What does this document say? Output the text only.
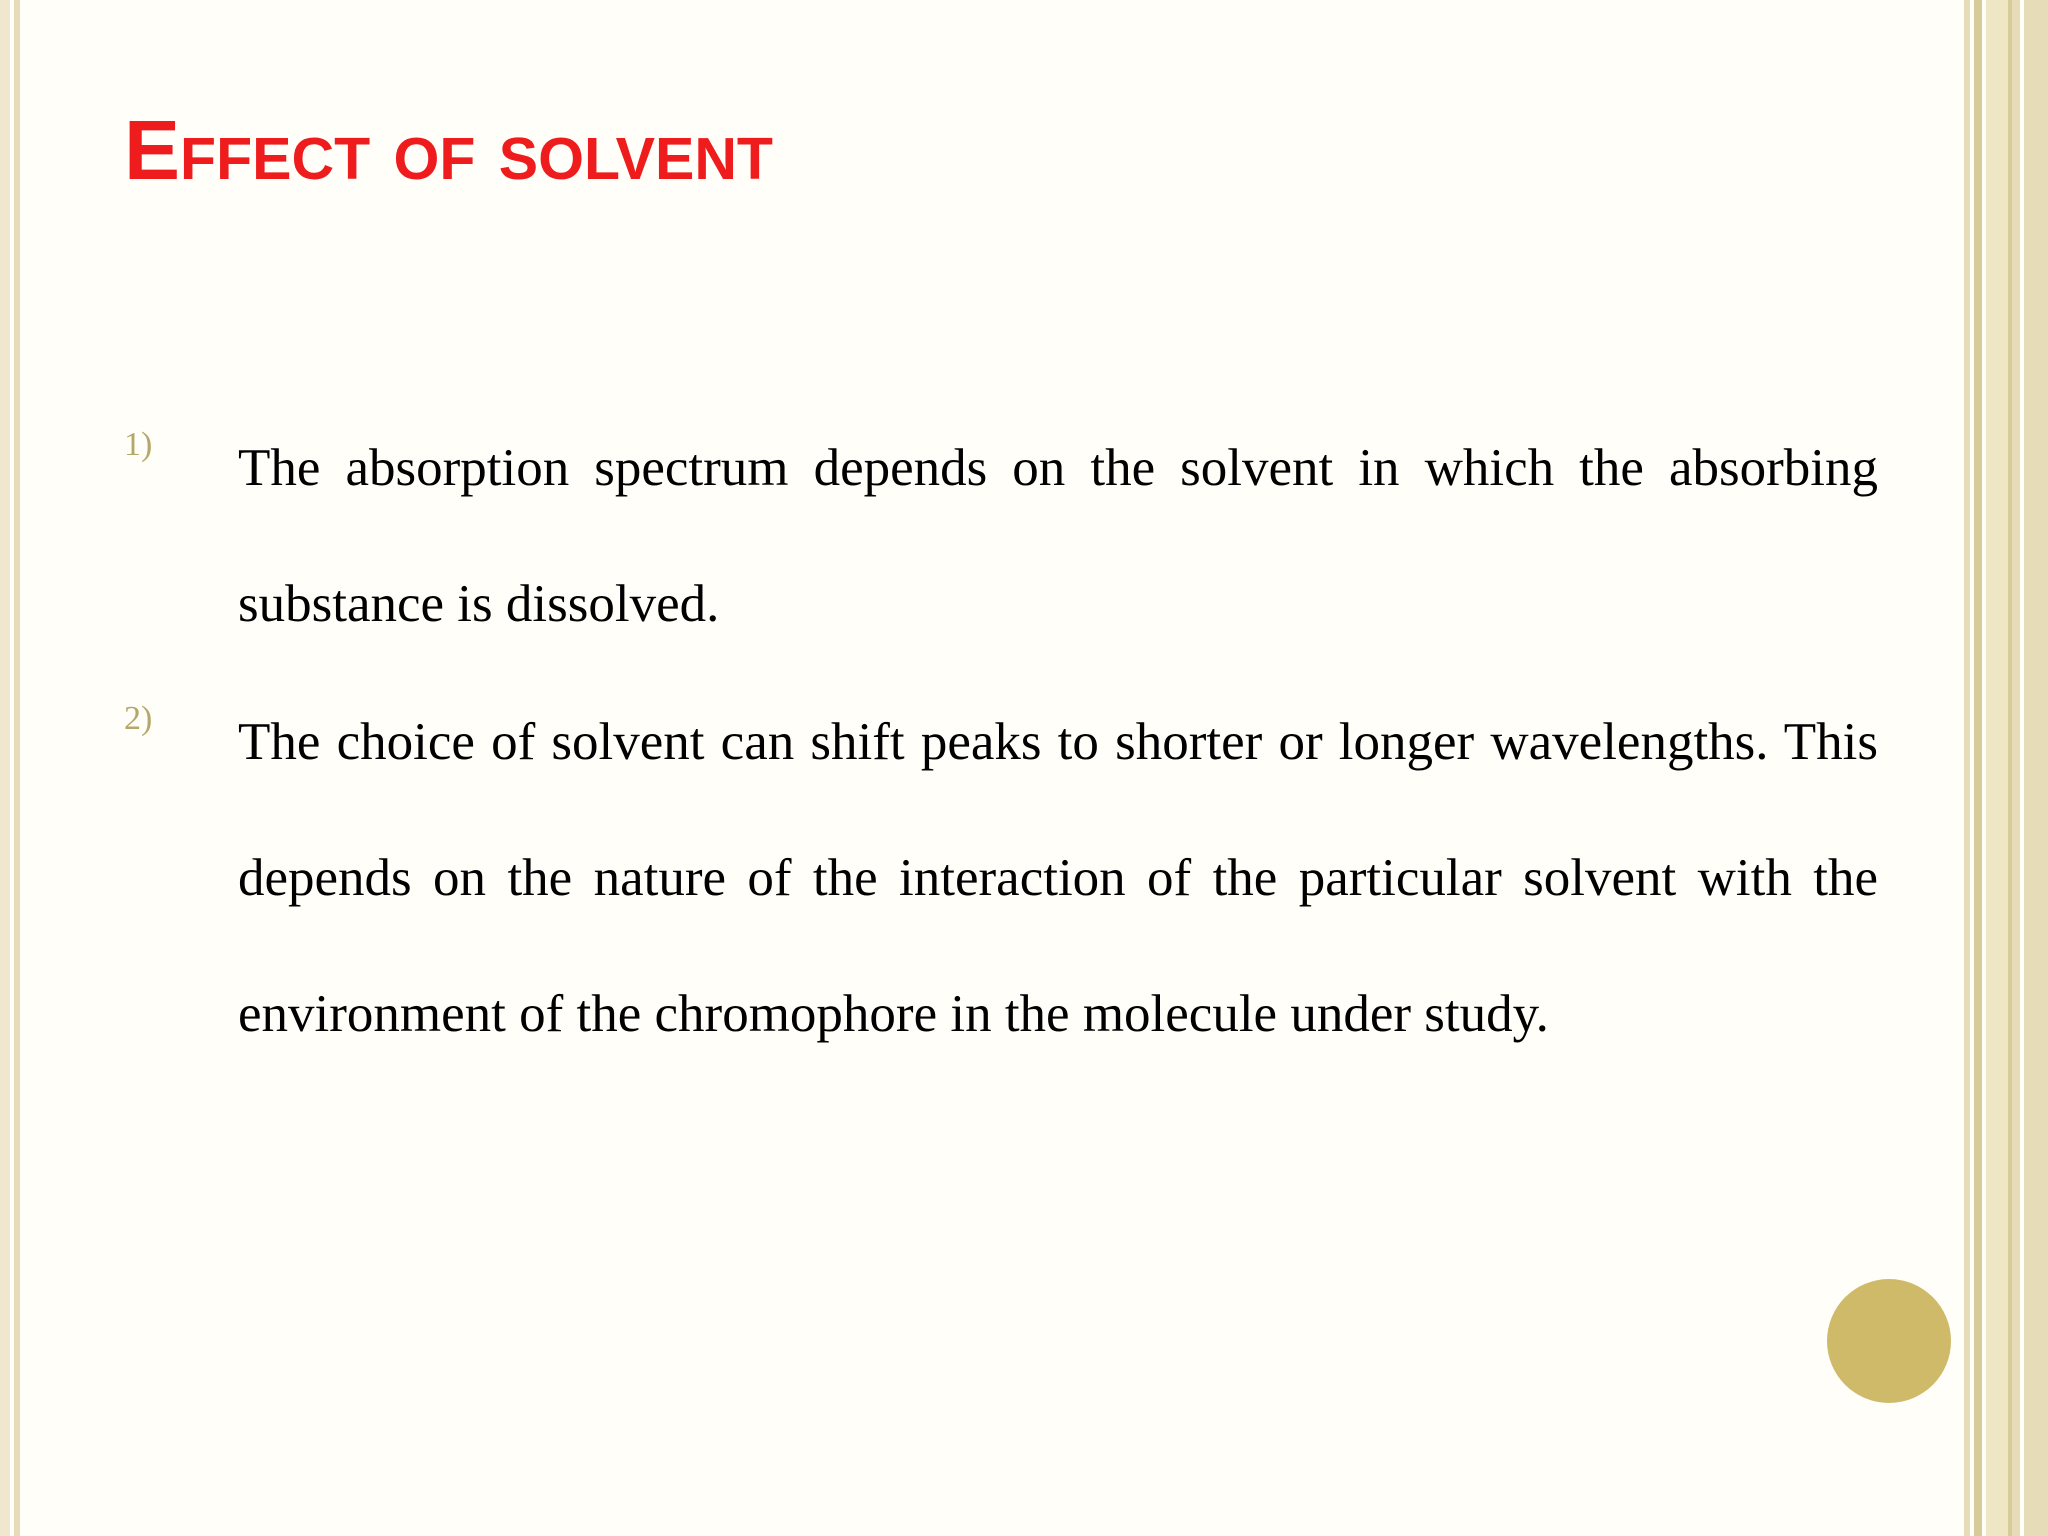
Effect of solvent
1) The absorption spectrum depends on the solvent in which the absorbing substance is dissolved.
2) The choice of solvent can shift peaks to shorter or longer wavelengths. This depends on the nature of the interaction of the particular solvent with the environment of the chromophore in the molecule under study.
